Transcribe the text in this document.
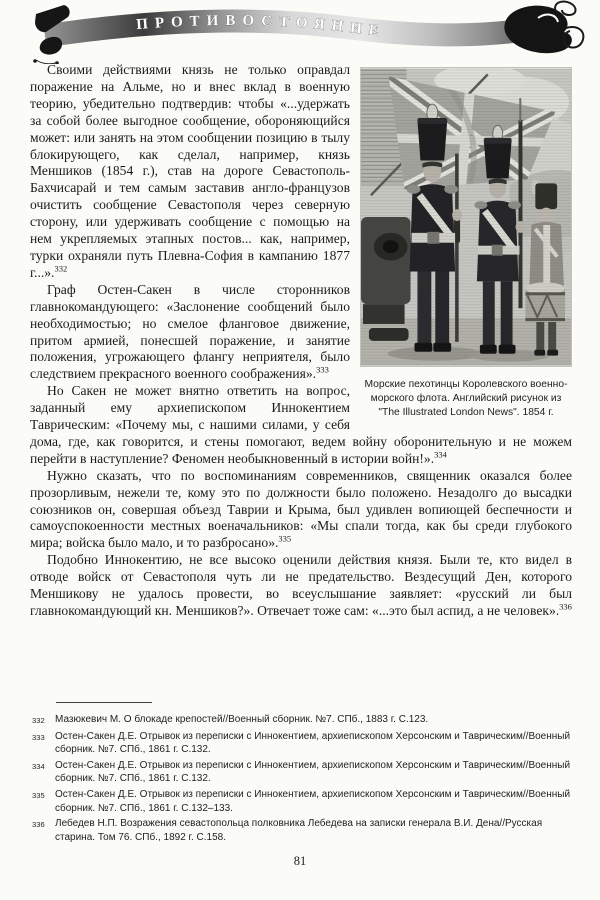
ПРОТИВОСТОЯНИЕ
Морские пехотинцы Королевского военно-морского флота. Английский рисунок из "The Illustrated London News". 1854 г.

Своими действиями князь не только оправдал поражение на Альме, но и внес вклад в военную теорию, убедительно подтвердив: чтобы «...удержать за собой более выгодное сообщение, обороняющийся может: или занять на этом сообщении позицию в тылу блокирующего, как сделал, например, князь Меншиков (1854 г.), став на дороге Севастополь-Бахчисарай и тем самым заставив англо-французов очистить сообщение Севастополя через северную сторону, или удерживать сообщение с помощью на нем укрепляемых этапных постов... как, например, турки охраняли путь Плевна-София в кампанию 1877 г...».$^{332}$

Граф Остен-Сакен в числе сторонников главнокомандующего: «Заслонение сообщений было необходимостью; но смелое фланговое движение, притом армией, понесшей поражение, и занятие положения, угрожающего флангу неприятеля, было следствием прекрасного военного соображения».$^{333}$

Но Сакен не может внятно ответить на вопрос, заданный ему архиепископом Иннокентием Таврическим: «Почему мы, с нашими силами, у себя дома, где, как говорится, и стены помогают, ведем войну оборонительную и не можем перейти в наступление? Феномен необыкновенный в истории войн!».$^{334}$

Нужно сказать, что по воспоминаниям современников, священник оказался более прозорливым, нежели те, кому это по должности было положено. Незадолго до высадки союзников он, совершая объезд Таврии и Крыма, был удивлен вопиющей беспечности и самоуспокоенности местных военачальников: «Мы спали тогда, как бы среди глубокого мира; войска было мало, и то разбросано».$^{335}$

Подобно Иннокентию, не все высоко оценили действия князя. Были те, кто видел в отводе войск от Севастополя чуть ли не предательство. Вездесущий Ден, которого Меншикову не удалось провести, во всеуслышание заявляет: «русский ли был главнокомандующий кн. Меншиков?». Отвечает тоже сам: «...это был аспид, а не человек».$^{336}$

332	Мазюкевич М. О блокаде крепостей//Военный сборник. №7. СПб., 1883 г. С.123.
333	Остен-Сакен Д.Е. Отрывок из переписки с Иннокентием, архиепископом Херсонским и Таврическим//Военный сборник. №7. СПб., 1861 г. С.132.
334	Остен-Сакен Д.Е. Отрывок из переписки с Иннокентием, архиепископом Херсонским и Таврическим//Военный сборник. №7. СПб., 1861 г. С.132.
335	Остен-Сакен Д.Е. Отрывок из переписки с Иннокентием, архиепископом Херсонским и Таврическим//Военный сборник. №7. СПб., 1861 г. С.132–133.
336	Лебедев Н.П. Возражения севастопольца полковника Лебедева на записки генерала В.И. Дена//Русская старина. Том 76. СПб., 1892 г. С.158.
81
